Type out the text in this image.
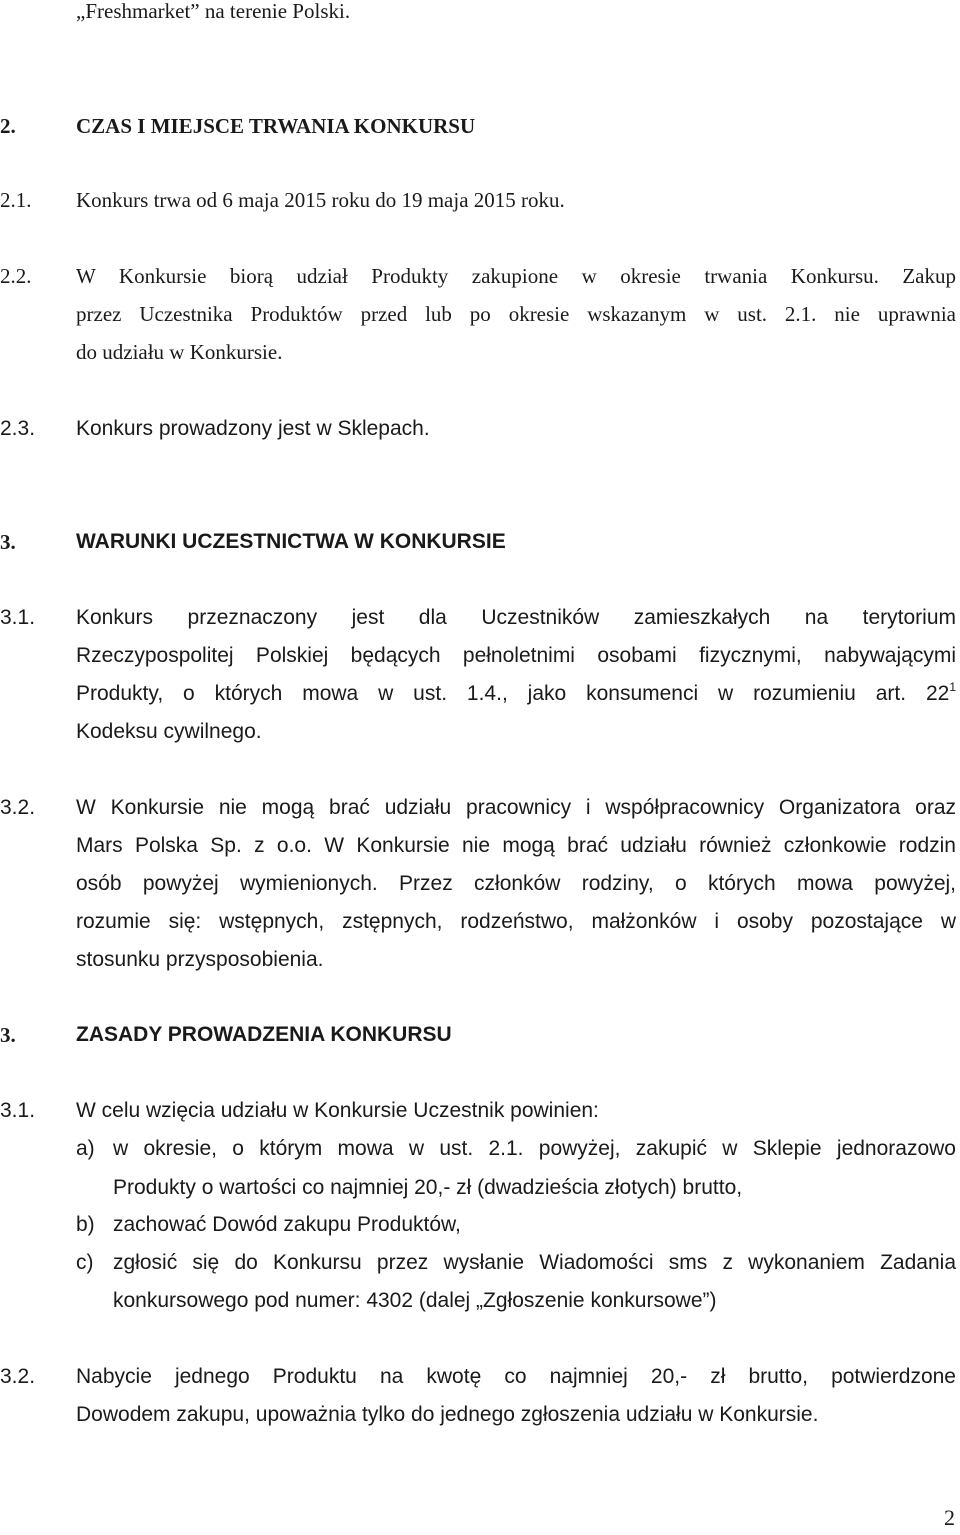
„Freshmarket” na terenie Polski.
2.	CZAS I MIEJSCE TRWANIA KONKURSU
2.1. Konkurs trwa od 6 maja 2015 roku do 19 maja 2015 roku.
2.2. W Konkursie biorą udział Produkty zakupione w okresie trwania Konkursu. Zakup
przez Uczestnika Produktów przed lub po okresie wskazanym w ust. 2.1. nie uprawnia
do udziału w Konkursie.
2.3. Konkurs prowadzony jest w Sklepach.
3.	WARUNKI UCZESTNICTWA W KONKURSIE
3.1. Konkurs przeznaczony jest dla Uczestników zamieszkałych na terytorium
Rzeczypospolitej Polskiej będących pełnoletnimi osobami fizycznymi, nabywającymi
Produkty, o których mowa w ust. 1.4., jako konsumenci w rozumieniu art. $22^1$
Kodeksu cywilnego.
3.2. W Konkursie nie mogą brać udziału pracownicy i współpracownicy Organizatora oraz
Mars Polska Sp. z o.o. W Konkursie nie mogą brać udziału również członkowie rodzin
osób powyżej wymienionych. Przez członków rodziny, o których mowa powyżej,
rozumie się: wstępnych, zstępnych, rodzeństwo, małżonków i osoby pozostające w
stosunku przysposobienia.
3.	ZASADY PROWADZENIA KONKURSU
3.1. W celu wzięcia udziału w Konkursie Uczestnik powinien:
a) w okresie, o którym mowa w ust. 2.1. powyżej, zakupić w Sklepie jednorazowo
Produkty o wartości co najmniej 20,- zł (dwadzieścia złotych) brutto,
b) zachować Dowód zakupu Produktów,
c) zgłosić się do Konkursu przez wysłanie Wiadomości sms z wykonaniem Zadania
konkursowego pod numer: 4302 (dalej „Zgłoszenie konkursowe”)
3.2. Nabycie jednego Produktu na kwotę co najmniej 20,- zł brutto, potwierdzone
Dowodem zakupu, upoważnia tylko do jednego zgłoszenia udziału w Konkursie.
2
